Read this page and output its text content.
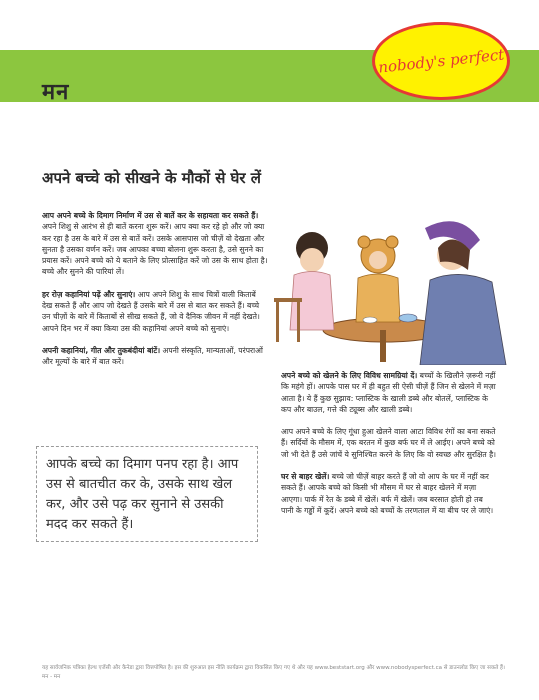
मन
nobody's perfect
अपने बच्चे को सीखने के मौकों से घेर लें

आप अपने बच्चे के दिमाग निर्माण में उस से बातें कर के सहायता कर सकते हैं। अपने शिशु से आरंभ से ही बातें करना शुरू करें। आप क्या कर रहे हो और जो क्या कर रहा है उस के बारे में उस से बातें करें। उसके आसपास जो चीज़ें वो देखता और सुनता है उसका वर्णन करें। जब आपका बच्चा बोलना शुरू करता है, उसे सुनने का प्रयास करें। अपने बच्चे को ये बताने के लिए प्रोत्साहित करें जो उस के साथ होता है। बच्चे और सुनने की पारियां लें।

हर रोज़ कहानियां पढ़ें और सुनाएं। आप अपने शिशु के साथ चित्रों वाली किताबें देख सकते हैं और आप जो देखते हैं उसके बारे में उस से बात कर सकते हैं। बच्चे उन चीज़ों के बारे में किताबों से सीख सकते हैं, जो वे दैनिक जीवन में नहीं देखते। आपने दिन भर में क्या किया उस की कहानियां अपने बच्चे को सुनाएं।

अपनी कहानियां, गीत और तुकबंदीयां बांटें। अपनी संस्कृति, मान्यताओं, परंपराओं और मूल्यों के बारे में बात करें।

आपके बच्चे का दिमाग पनप रहा है। आप उस से बातचीत कर के, उसके साथ खेल कर, और उसे पढ़ कर सुनाने से उसकी मदद कर सकते हैं।

अपने बच्चे को खेलने के लिए विविध सामग्रियां दें। बच्चों के खिलौने ज़रूरी नहीं कि महंगे हों। आपके पास घर में ही बहुत सी ऐसी चीज़ें हैं जिन से खेलने में मज़ा आता है। ये हैं कुछ सुझाव: प्लास्टिक के खाली डब्बे और बोतलें, प्लास्टिक के कप और बाउल, गत्ते की ट्यूब्स और खाली डब्बे।

आप अपने बच्चे के लिए गूंधा हुआ खेलने वाला आटा विविध रंगों का बना सकते हैं। सर्दियों के मौसम में, एक बरतन में कुछ बर्फ घर में ले आईए। अपने बच्चे को जो भी देते हैं उसे जांचें ये सुनिश्चित करने के लिए कि वो स्वच्छ और सुरक्षित है।

घर से बाहर खेलें। बच्चे जो चीज़ें बाहर करते हैं जो वो आप के घर में नहीं कर सकते हैं। आपके बच्चे को किसी भी मौसम में घर से बाहर खेलने में मज़ा आएगा। पार्क में रेत के डब्बे में खेलें। बर्फ में खेलें। जब बरसात होती हो तब पानी के गड्ढों में कूदें। अपने बच्चे को बच्चों के तरणताल में या बीच पर ले जाएं।

यह सार्वजनिक पत्रिका हेल्थ एजेंसी और कैनेडा द्वारा वित्तपोषित है। इस की शुरुआत इस नीति कार्यक्रम द्वारा विकसित किए गए थे और यह www.beststart.org और www.nobodysperfect.ca से डाउनलोड किए जा सकते हैं। मन - मन
